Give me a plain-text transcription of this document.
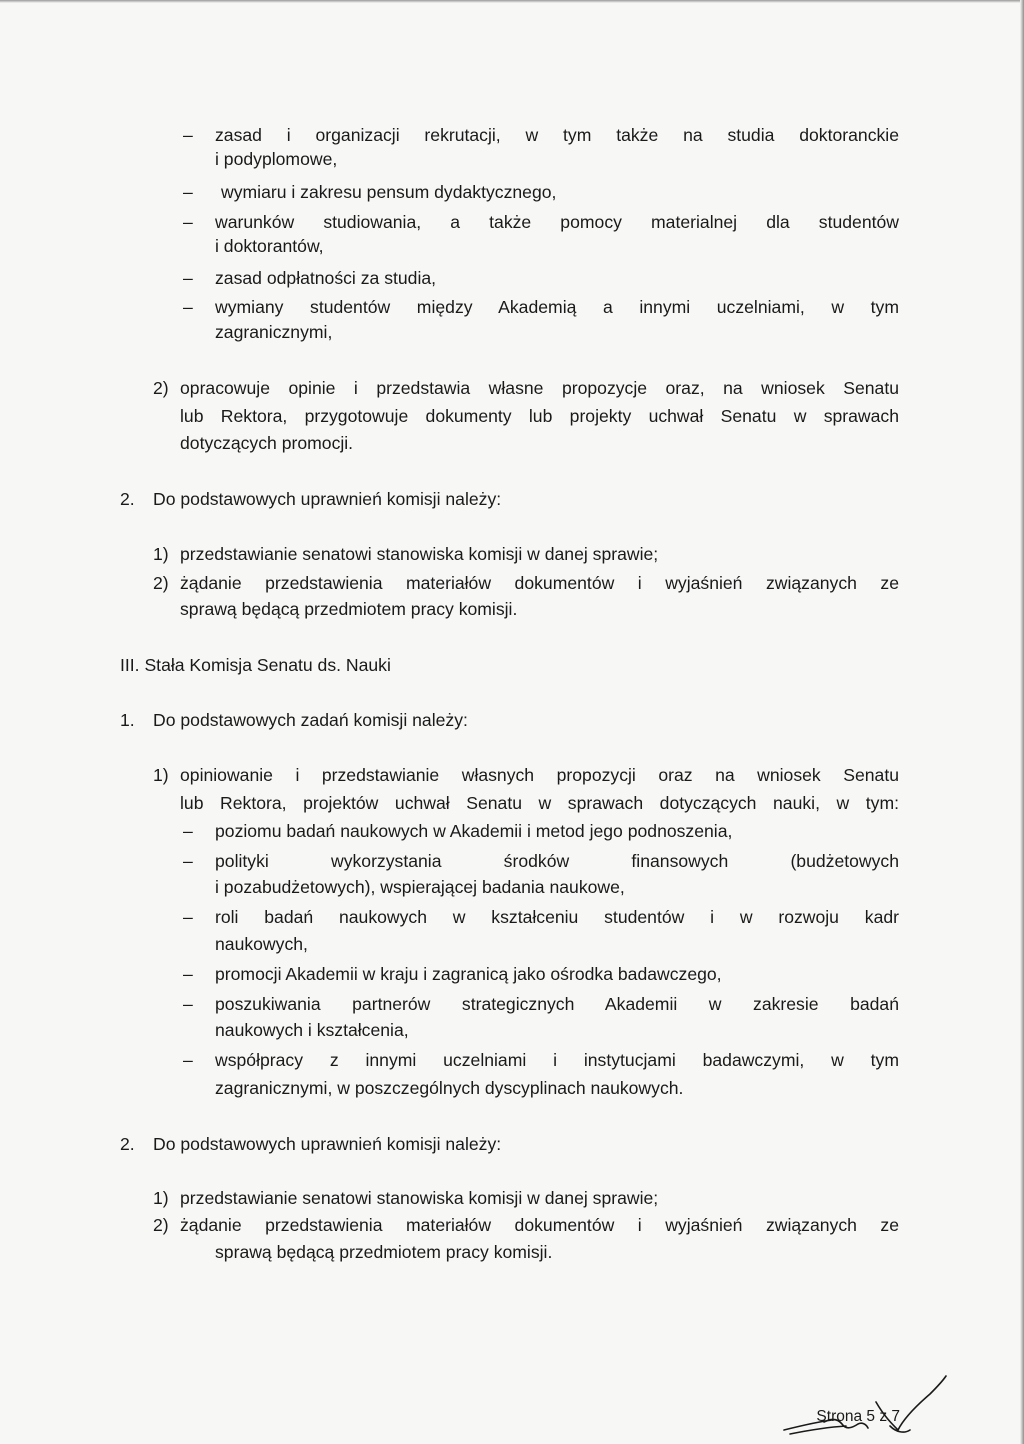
– zasad i organizacji rekrutacji, w tym także na studia doktoranckie
i podyplomowe,
– wymiaru i zakresu pensum dydaktycznego,
– warunków studiowania, a także pomocy materialnej dla studentów
i doktorantów,
– zasad odpłatności za studia,
– wymiany studentów między Akademią a innymi uczelniami, w tym
zagranicznymi,
2) opracowuje opinie i przedstawia własne propozycje oraz, na wniosek Senatu
lub Rektora, przygotowuje dokumenty lub projekty uchwał Senatu w sprawach
dotyczących promocji.
2. Do podstawowych uprawnień komisji należy:
1) przedstawianie senatowi stanowiska komisji w danej sprawie;
2) żądanie przedstawienia materiałów dokumentów i wyjaśnień związanych ze
sprawą będącą przedmiotem pracy komisji.
III. Stała Komisja Senatu ds. Nauki
1. Do podstawowych zadań komisji należy:
1) opiniowanie i przedstawianie własnych propozycji oraz na wniosek Senatu
lub Rektora, projektów uchwał Senatu w sprawach dotyczących nauki, w tym:
– poziomu badań naukowych w Akademii i metod jego podnoszenia,
– polityki wykorzystania środków finansowych (budżetowych
i pozabudżetowych), wspierającej badania naukowe,
– roli badań naukowych w kształceniu studentów i w rozwoju kadr
naukowych,
– promocji Akademii w kraju i zagranicą jako ośrodka badawczego,
– poszukiwania partnerów strategicznych Akademii w zakresie badań
naukowych i kształcenia,
– współpracy z innymi uczelniami i instytucjami badawczymi, w tym
zagranicznymi, w poszczególnych dyscyplinach naukowych.
2. Do podstawowych uprawnień komisji należy:
1) przedstawianie senatowi stanowiska komisji w danej sprawie;
2) żądanie przedstawienia materiałów dokumentów i wyjaśnień związanych ze
sprawą będącą przedmiotem pracy komisji.
Strona 5 z 7
